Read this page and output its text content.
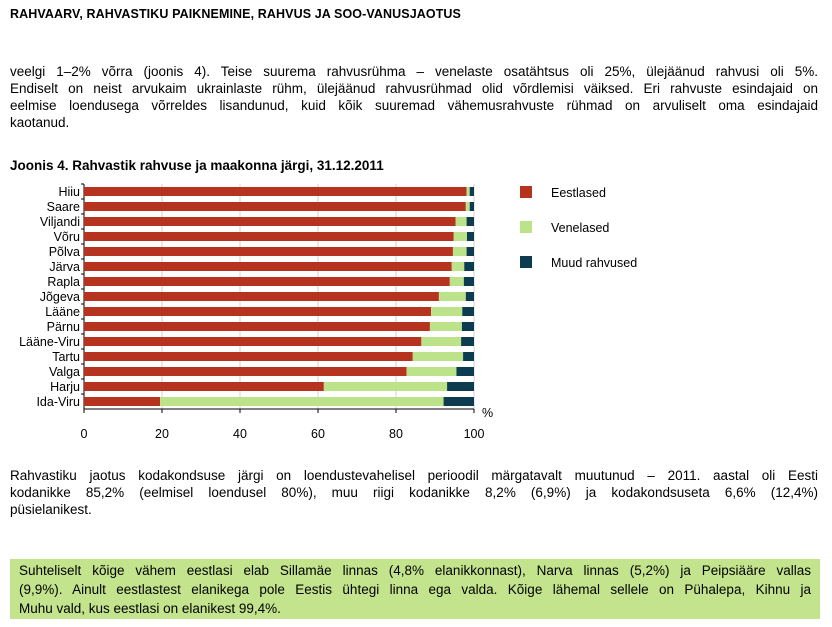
RAHVAARV, RAHVASTIKU PAIKNEMINE, RAHVUS JA SOO-VANUSJAOTUS
veelgi 1–2% võrra (joonis 4). Teise suurema rahvusrühma – venelaste osatähtsus oli 25%, ülejäänud rahvusi oli 5%.
Endiselt on neist arvukaim ukrainlaste rühm, ülejäänud rahvusrühmad olid võrdlemisi väiksed. Eri rahvuste esindajaid on
eelmise loendusega võrreldes lisandunud, kuid kõik suuremad vähemusrahvuste rühmad on arvuliselt oma esindajaid
kaotanud.
Joonis 4. Rahvastik rahvuse ja maakonna järgi, 31.12.2011
0	20	40	60	80	100
%
Hiiu
Saare
Viljandi
Võru
Põlva
Järva
Rapla
Jõgeva
Lääne
Pärnu
Lääne-Viru
Tartu
Valga
Harju
Ida-Viru
Eestlased
Venelased
Muud rahvused
Rahvastiku jaotus kodakondsuse järgi on loendustevahelisel perioodil märgatavalt muutunud – 2011. aastal oli Eesti
kodanikke 85,2% (eelmisel loendusel 80%), muu riigi kodanikke 8,2% (6,9%) ja kodakondsuseta 6,6% (12,4%)
püsielanikest.
Suhteliselt kõige vähem eestlasi elab Sillamäe linnas (4,8% elanikkonnast), Narva linnas (5,2%) ja Peipsiääre vallas
(9,9%). Ainult eestlastest elanikega pole Eestis ühtegi linna ega valda. Kõige lähemal sellele on Pühalepa, Kihnu ja
Muhu vald, kus eestlasi on elanikest 99,4%.
